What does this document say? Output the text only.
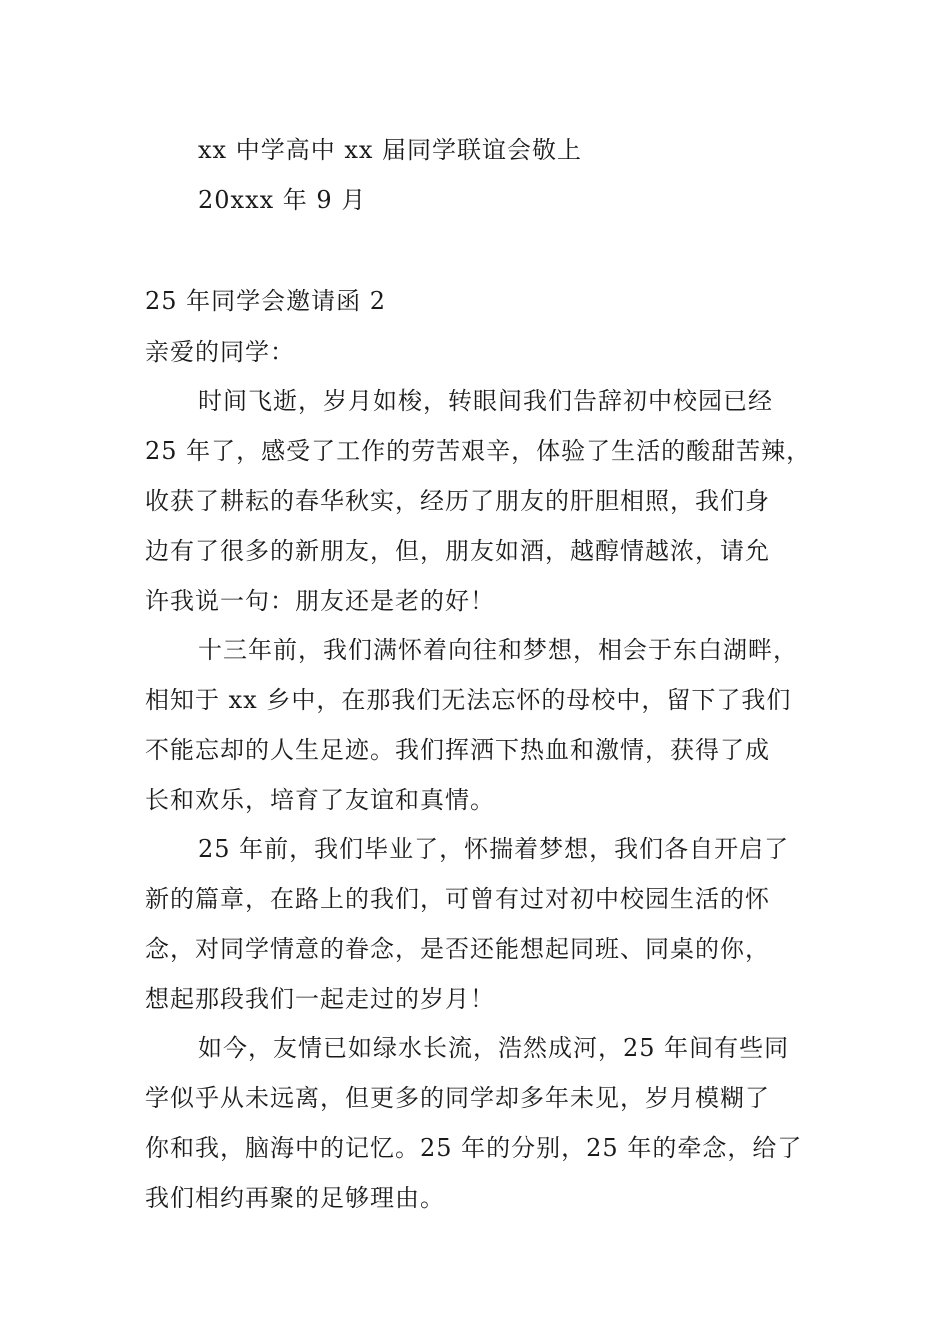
xx 中学高中 xx 届同学联谊会敬上
20xxx 年 9 月
25 年同学会邀请函 2
亲爱的同学：
时间飞逝，岁月如梭，转眼间我们告辞初中校园已经
25 年了，感受了工作的劳苦艰辛，体验了生活的酸甜苦辣，
收获了耕耘的春华秋实，经历了朋友的肝胆相照，我们身
边有了很多的新朋友，但，朋友如酒，越醇情越浓，请允
许我说一句：朋友还是老的好！
十三年前，我们满怀着向往和梦想，相会于东白湖畔，
相知于 xx 乡中，在那我们无法忘怀的母校中，留下了我们
不能忘却的人生足迹。我们挥洒下热血和激情，获得了成
长和欢乐，培育了友谊和真情。
25 年前，我们毕业了，怀揣着梦想，我们各自开启了
新的篇章，在路上的我们，可曾有过对初中校园生活的怀
念，对同学情意的眷念，是否还能想起同班、同桌的你，
想起那段我们一起走过的岁月！
如今，友情已如绿水长流，浩然成河，25 年间有些同
学似乎从未远离，但更多的同学却多年未见，岁月模糊了
你和我，脑海中的记忆。25 年的分别，25 年的牵念，给了
我们相约再聚的足够理由。
